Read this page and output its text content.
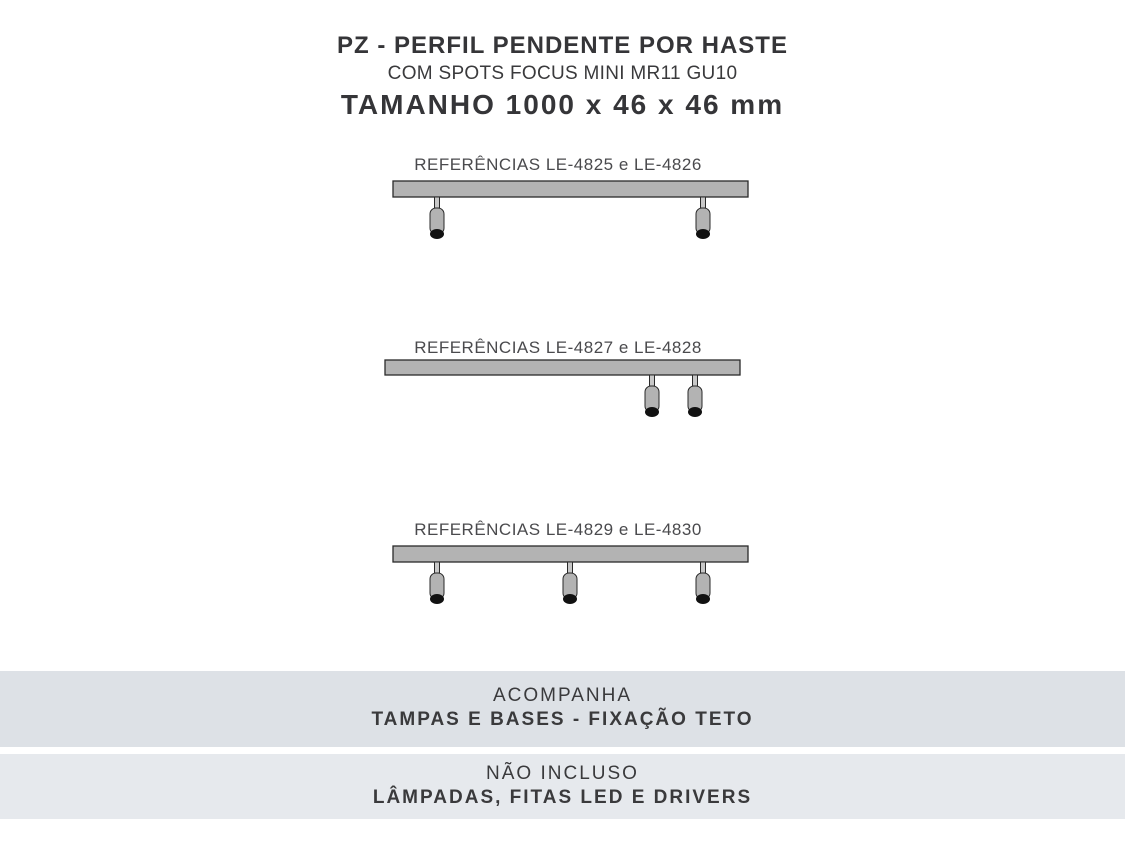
PZ - PERFIL PENDENTE POR HASTE
COM SPOTS FOCUS MINI MR11 GU10
TAMANHO 1000 x 46 x 46 mm
REFERÊNCIAS LE-4825 e LE-4826
REFERÊNCIAS LE-4827 e LE-4828
REFERÊNCIAS LE-4829 e LE-4830
ACOMPANHA
TAMPAS E BASES - FIXAÇÃO TETO
NÃO INCLUSO
LÂMPADAS, FITAS LED E DRIVERS
